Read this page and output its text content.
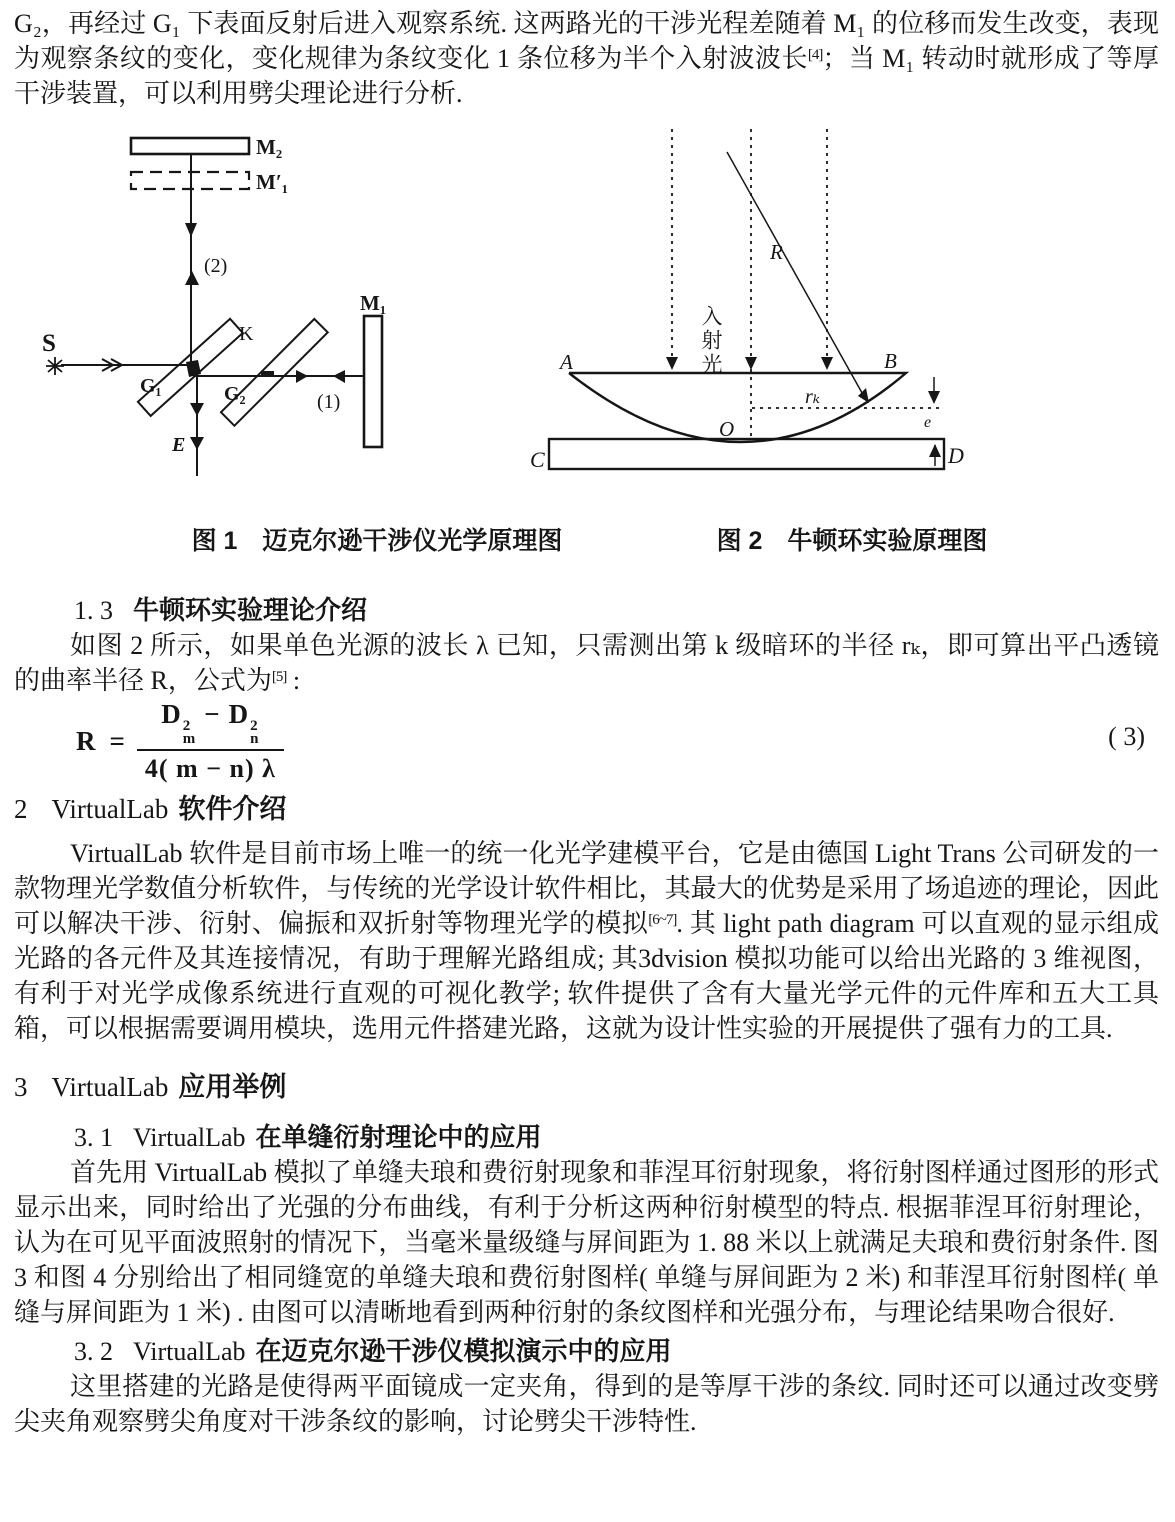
G₂，再经过 G₁ 下表面反射后进入观察系统. 这两路光的干涉光程差随着 M₁ 的位移而发生改变，表现为观察条纹的变化，变化规律为条纹变化 1 条位移为半个入射波波长[4]；当 M₁ 转动时就形成了等厚干涉装置，可以利用劈尖理论进行分析.

M₂
M′₁
(2)
S	K
G₁	G₂
M₁
(1)
E
入射光
R
A	B
rₖ
O
C	D
e
图 1　迈克尔逊干涉仪光学原理图	图 2　牛顿环实验原理图
1. 3 牛顿环实验理论介绍

如图 2 所示，如果单色光源的波长 λ 已知，只需测出第 k 级暗环的半径 rₖ，即可算出平凸透镜的曲率半径 R，公式为[5] :

R = D 2
m
− D 2
n
4( m − n) λ	( 3)
2 VirtualLab 软件介绍

VirtualLab 软件是目前市场上唯一的统一化光学建模平台，它是由德国 Light Trans 公司研发的一款物理光学数值分析软件，与传统的光学设计软件相比，其最大的优势是采用了场追迹的理论，因此可以解决干涉、衍射、偏振和双折射等物理光学的模拟[6~7]. 其 light path diagram 可以直观的显示组成光路的各元件及其连接情况，有助于理解光路组成; 其3dvision 模拟功能可以给出光路的 3 维视图，有利于对光学成像系统进行直观的可视化教学; 软件提供了含有大量光学元件的元件库和五大工具箱，可以根据需要调用模块，选用元件搭建光路，这就为设计性实验的开展提供了强有力的工具.

3 VirtualLab 应用举例
3. 1 VirtualLab 在单缝衍射理论中的应用

首先用 VirtualLab 模拟了单缝夫琅和费衍射现象和菲涅耳衍射现象，将衍射图样通过图形的形式显示出来，同时给出了光强的分布曲线，有利于分析这两种衍射模型的特点. 根据菲涅耳衍射理论，认为在可见平面波照射的情况下，当毫米量级缝与屏间距为 1. 88 米以上就满足夫琅和费衍射条件. 图 3 和图 4 分别给出了相同缝宽的单缝夫琅和费衍射图样( 单缝与屏间距为 2 米) 和菲涅耳衍射图样( 单缝与屏间距为 1 米) . 由图可以清晰地看到两种衍射的条纹图样和光强分布，与理论结果吻合很好.

3. 2 VirtualLab 在迈克尔逊干涉仪模拟演示中的应用

这里搭建的光路是使得两平面镜成一定夹角，得到的是等厚干涉的条纹. 同时还可以通过改变劈尖夹角观察劈尖角度对干涉条纹的影响，讨论劈尖干涉特性.
